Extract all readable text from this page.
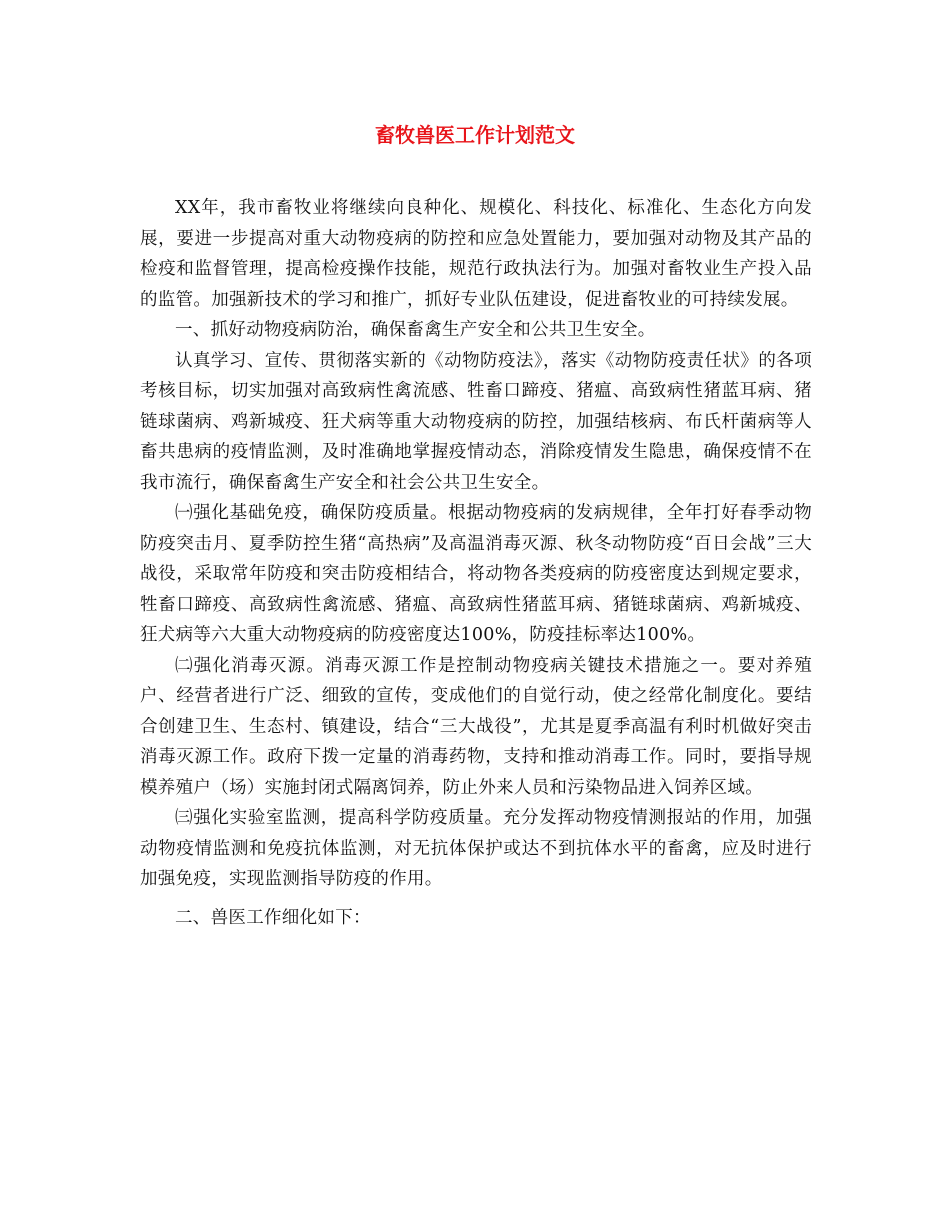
畜牧兽医工作计划范文

XX年，我市畜牧业将继续向良种化、规模化、科技化、标准化、生态化方向发展，要进一步提高对重大动物疫病的防控和应急处置能力，要加强对动物及其产品的检疫和监督管理，提高检疫操作技能，规范行政执法行为。加强对畜牧业生产投入品的监管。加强新技术的学习和推广，抓好专业队伍建设，促进畜牧业的可持续发展。

一、抓好动物疫病防治，确保畜禽生产安全和公共卫生安全。

认真学习、宣传、贯彻落实新的《动物防疫法》，落实《动物防疫责任状》的各项考核目标，切实加强对高致病性禽流感、牲畜口蹄疫、猪瘟、高致病性猪蓝耳病、猪链球菌病、鸡新城疫、狂犬病等重大动物疫病的防控，加强结核病、布氏杆菌病等人畜共患病的疫情监测，及时准确地掌握疫情动态，消除疫情发生隐患，确保疫情不在我市流行，确保畜禽生产安全和社会公共卫生安全。

㈠强化基础免疫，确保防疫质量。根据动物疫病的发病规律，全年打好春季动物防疫突击月、夏季防控生猪“高热病”及高温消毒灭源、秋冬动物防疫“百日会战”三大战役，采取常年防疫和突击防疫相结合，将动物各类疫病的防疫密度达到规定要求，牲畜口蹄疫、高致病性禽流感、猪瘟、高致病性猪蓝耳病、猪链球菌病、鸡新城疫、狂犬病等六大重大动物疫病的防疫密度达100%，防疫挂标率达100%。

㈡强化消毒灭源。消毒灭源工作是控制动物疫病关键技术措施之一。要对养殖户、经营者进行广泛、细致的宣传，变成他们的自觉行动，使之经常化制度化。要结合创建卫生、生态村、镇建设，结合“三大战役”，尤其是夏季高温有利时机做好突击消毒灭源工作。政府下拨一定量的消毒药物，支持和推动消毒工作。同时，要指导规模养殖户（场）实施封闭式隔离饲养，防止外来人员和污染物品进入饲养区域。

㈢强化实验室监测，提高科学防疫质量。充分发挥动物疫情测报站的作用，加强动物疫情监测和免疫抗体监测，对无抗体保护或达不到抗体水平的畜禽，应及时进行加强免疫，实现监测指导防疫的作用。

二、兽医工作细化如下：
